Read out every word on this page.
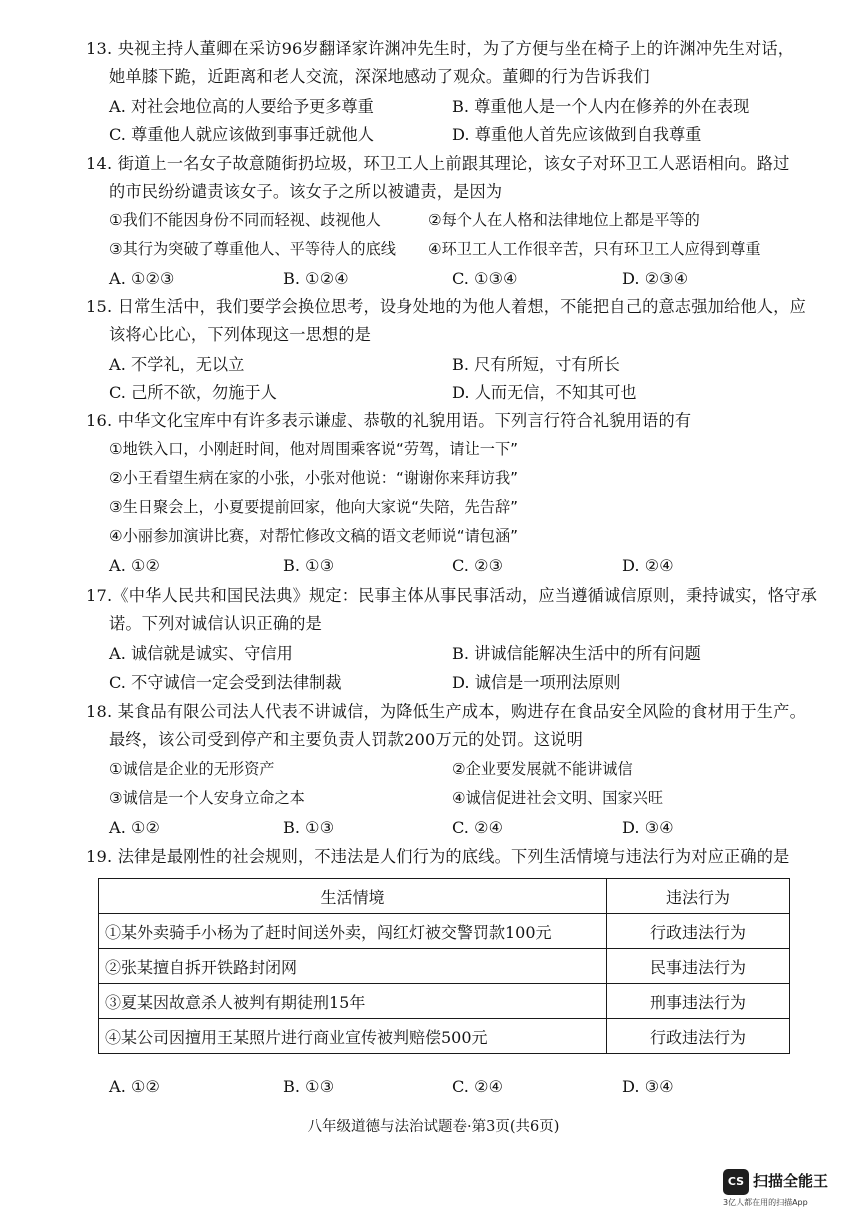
13. 央视主持人董卿在采访96岁翻译家许渊冲先生时，为了方便与坐在椅子上的许渊冲先生对话，
她单膝下跪，近距离和老人交流，深深地感动了观众。董卿的行为告诉我们
A. 对社会地位高的人要给予更多尊重	B. 尊重他人是一个人内在修养的外在表现
C. 尊重他人就应该做到事事迁就他人	D. 尊重他人首先应该做到自我尊重
14. 街道上一名女子故意随街扔垃圾，环卫工人上前跟其理论，该女子对环卫工人恶语相向。路过
的市民纷纷谴责该女子。该女子之所以被谴责，是因为
①我们不能因身份不同而轻视、歧视他人	②每个人在人格和法律地位上都是平等的
③其行为突破了尊重他人、平等待人的底线 ④环卫工人工作很辛苦，只有环卫工人应得到尊重
A. ①②③	B. ①②④	C. ①③④	D. ②③④
15. 日常生活中，我们要学会换位思考，设身处地的为他人着想，不能把自己的意志强加给他人，应
该将心比心，下列体现这一思想的是
A. 不学礼，无以立	B. 尺有所短，寸有所长
C. 己所不欲，勿施于人	D. 人而无信，不知其可也
16. 中华文化宝库中有许多表示谦虚、恭敬的礼貌用语。下列言行符合礼貌用语的有
①地铁入口，小刚赶时间，他对周围乘客说“劳驾，请让一下”
②小王看望生病在家的小张，小张对他说：“谢谢你来拜访我”
③生日聚会上，小夏要提前回家，他向大家说“失陪，先告辞”
④小丽参加演讲比赛，对帮忙修改文稿的语文老师说“请包涵”
A. ①②	B. ①③	C. ②③	D. ②④
17.《中华人民共和国民法典》规定：民事主体从事民事活动，应当遵循诚信原则，秉持诚实，恪守承
诺。下列对诚信认识正确的是
A. 诚信就是诚实、守信用	B. 讲诚信能解决生活中的所有问题
C. 不守诚信一定会受到法律制裁	D. 诚信是一项刑法原则
18. 某食品有限公司法人代表不讲诚信，为降低生产成本，购进存在食品安全风险的食材用于生产。
最终，该公司受到停产和主要负责人罚款200万元的处罚。这说明
①诚信是企业的无形资产	②企业要发展就不能讲诚信
③诚信是一个人安身立命之本	④诚信促进社会文明、国家兴旺
A. ①②	B. ①③	C. ②④	D. ③④
19. 法律是最刚性的社会规则，不违法是人们行为的底线。下列生活情境与违法行为对应正确的是
生活情境	违法行为
①某外卖骑手小杨为了赶时间送外卖，闯红灯被交警罚款100元	行政违法行为
②张某擅自拆开铁路封闭网	民事违法行为
③夏某因故意杀人被判有期徒刑15年	刑事违法行为
④某公司因擅用王某照片进行商业宣传被判赔偿500元	行政违法行为
A. ①②	B. ①③	C. ②④	D. ③④
八年级道德与法治试题卷·第3页(共6页)
CS 扫描全能王
3亿人都在用的扫描App
